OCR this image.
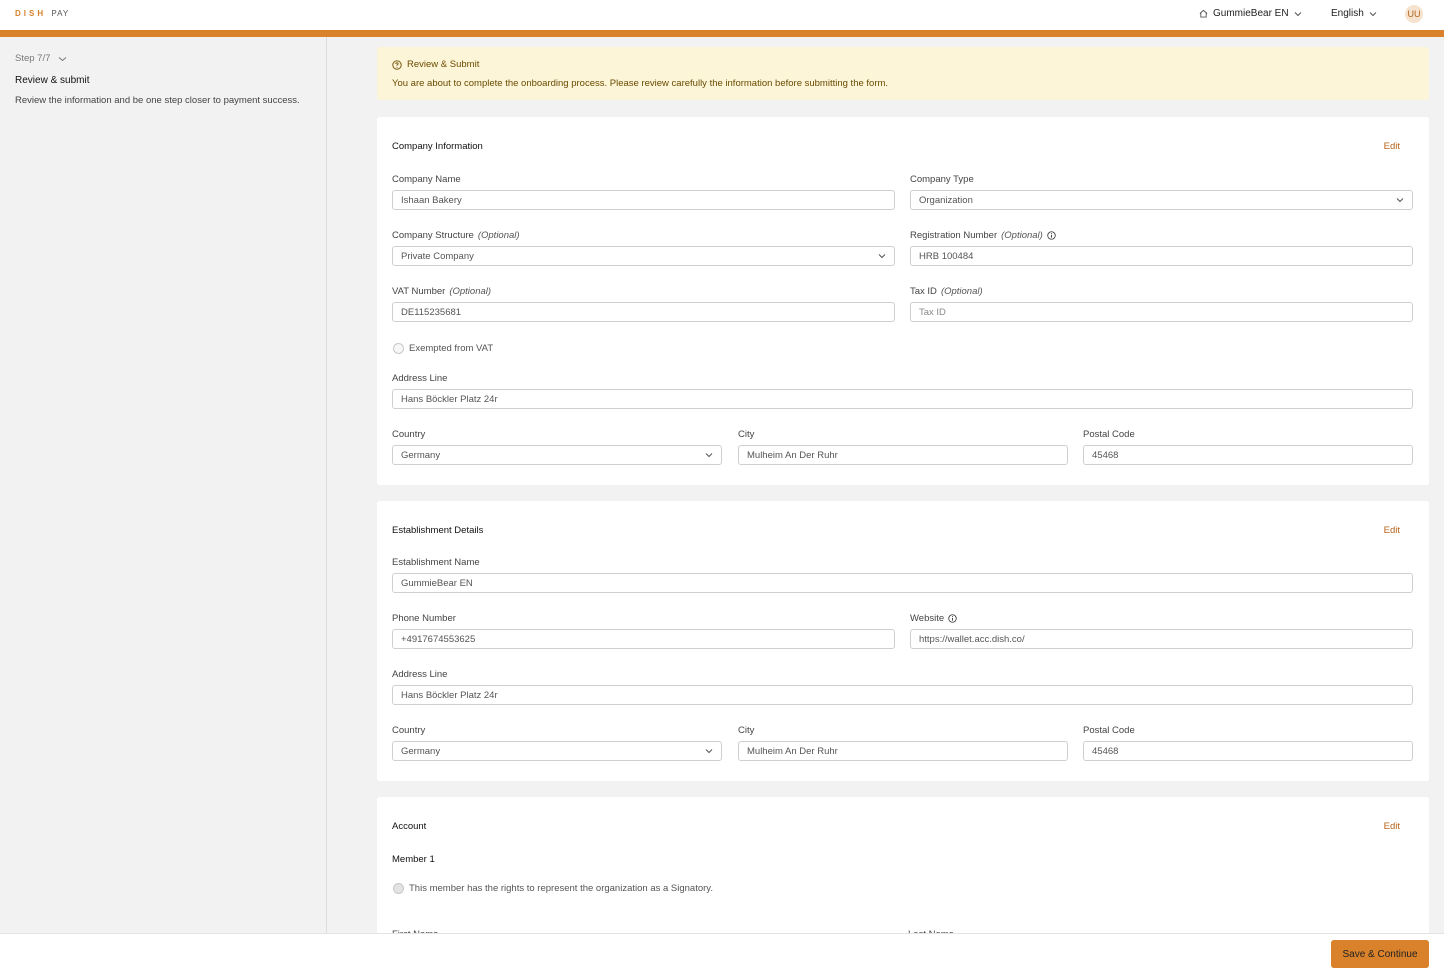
DISH PAY	GummieBear EN	English	UU
Step 7/7
Review & submit
Review the information and be one step closer to payment success.
Review & Submit
You are about to complete the onboarding process. Please review carefully the information before submitting the form.
Company Information	Edit
Company Name
Ishaan Bakery
Company Type
Organization
Company Structure (Optional)
Private Company
Registration Number (Optional)
HRB 100484
VAT Number (Optional)
DE115235681
Tax ID (Optional)
Tax ID
Exempted from VAT
Address Line
Hans Böckler Platz 24r
Country
Germany
City
Mulheim An Der Ruhr
Postal Code
45468
Establishment Details	Edit
Establishment Name
GummieBear EN
Phone Number
+4917674553625
Website
https://wallet.acc.dish.co/
Address Line
Hans Böckler Platz 24r
Country
Germany
City
Mulheim An Der Ruhr
Postal Code
45468
Account	Edit
Member 1
This member has the rights to represent the organization as a Signatory.
Save & Continue
